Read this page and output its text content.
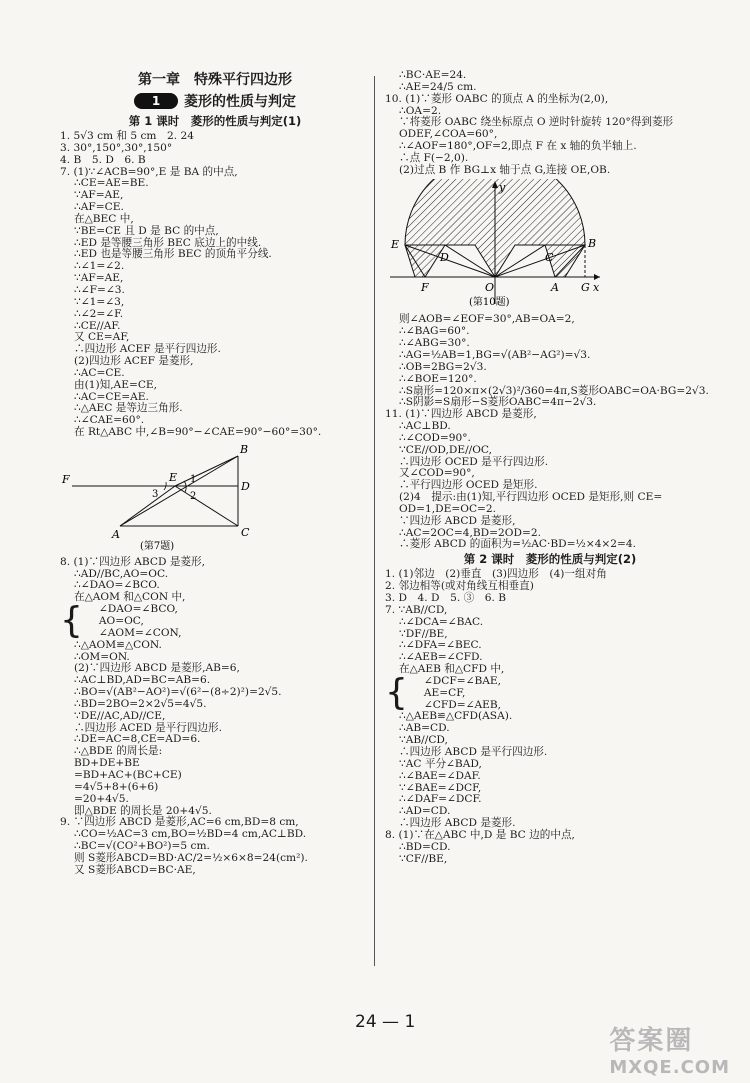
第一章　特殊平行四边形
1 菱形的性质与判定
第 1 课时　菱形的性质与判定(1)
1. 5√3 cm 和 5 cm　2. 24
3. 30°,150°,30°,150°
4. B　5. D　6. B
7. (1)∵∠ACB=90°,E 是 BA 的中点,
∴CE=AE=BE.
∵AF=AE,
∴AF=CE.
在△BEC 中,
∵BE=CE 且 D 是 BC 的中点,
∴ED 是等腰三角形 BEC 底边上的中线.
∴ED 也是等腰三角形 BEC 的顶角平分线.
∴∠1=∠2.
∵AF=AE,
∴∠F=∠3.
∵∠1=∠3,
∴∠2=∠F.
∴CE//AF.
又 CE=AF,
∴四边形 ACEF 是平行四边形.
(2)四边形 ACEF 是菱形,
∴AC=CE.
由(1)知,AE=CE,
∴AC=CE=AE.
∴△AEC 是等边三角形.
∴∠CAE=60°.
在 Rt△ABC 中,∠B=90°−∠CAE=90°−60°=30°.
B
D
C
E
F
A
1
2
3
(第7题)
8. (1)∵四边形 ABCD 是菱形,
∴AD//BC,AO=OC.
∴∠DAO=∠BCO.
在△AOM 和△CON 中,
{	∠DAO=∠BCO,
AO=OC,
∠AOM=∠CON,
∴△AOM≌△CON.
∴OM=ON.
(2)∵四边形 ABCD 是菱形,AB=6,
∴AC⊥BD,AD=BC=AB=6.
∴BO=√(AB²−AO²)=√(6²−(8÷2)²)=2√5.
∴BD=2BO=2×2√5=4√5.
∵DE//AC,AD//CE,
∴四边形 ACED 是平行四边形.
∴DE=AC=8,CE=AD=6.
∴△BDE 的周长是:
BD+DE+BE
=BD+AC+(BC+CE)
=4√5+8+(6+6)
=20+4√5.
即△BDE 的周长是 20+4√5.
9. ∵四边形 ABCD 是菱形,AC=6 cm,BD=8 cm,
∴CO=½AC=3 cm,BO=½BD=4 cm,AC⊥BD.
∴BC=√(CO²+BO²)=5 cm.
则 S菱形ABCD=BD·AC/2=½×6×8=24(cm²).
又 S菱形ABCD=BC·AE,
∴BC·AE=24.
∴AE=24/5 cm.
10. (1)∵菱形 OABC 的顶点 A 的坐标为(2,0),
∴OA=2.
∵将菱形 OABC 绕坐标原点 O 逆时针旋转 120°得到菱形
ODEF,∠COA=60°,
∴∠AOF=180°,OF=2,即点 F 在 x 轴的负半轴上.
∴点 F(−2,0).
(2)过点 B 作 BG⊥x 轴于点 G,连接 OE,OB.
E	B
D	C
F	O	A G x
y
(第10题)
则∠AOB=∠EOF=30°,AB=OA=2,
∴∠BAG=60°.
∴∠ABG=30°.
∴AG=½AB=1,BG=√(AB²−AG²)=√3.
∴OB=2BG=2√3.
∴∠BOE=120°.
∴S扇形=120×π×(2√3)²/360=4π,S菱形OABC=OA·BG=2√3.
∴S阴影=S扇形−S菱形OABC=4π−2√3.
11. (1)∵四边形 ABCD 是菱形,
∴AC⊥BD.
∴∠COD=90°.
∵CE//OD,DE//OC,
∴四边形 OCED 是平行四边形.
又∠COD=90°,
∴平行四边形 OCED 是矩形.
(2)4　提示:由(1)知,平行四边形 OCED 是矩形,则 CE=
OD=1,DE=OC=2.
∵四边形 ABCD 是菱形,
∴AC=2OC=4,BD=2OD=2.
∴菱形 ABCD 的面积为=½AC·BD=½×4×2=4.
第 2 课时　菱形的性质与判定(2)
1. (1)邻边　(2)垂直　(3)四边形　(4)一组对角
2. 邻边相等(或对角线互相垂直)
3. D　4. D　5. ③　6. B
7. ∵AB//CD,
∴∠DCA=∠BAC.
∵DF//BE,
∴∠DFA=∠BEC.
∴∠AEB=∠CFD.
在△AEB 和△CFD 中,
{	∠DCF=∠BAE,
AE=CF,
∠CFD=∠AEB,
∴△AEB≌△CFD(ASA).
∴AB=CD.
∵AB//CD,
∴四边形 ABCD 是平行四边形.
∵AC 平分∠BAD,
∴∠BAE=∠DAF.
∵∠BAE=∠DCF,
∴∠DAF=∠DCF.
∴AD=CD.
∴四边形 ABCD 是菱形.
8. (1)∵在△ABC 中,D 是 BC 边的中点,
∴BD=CD.
∵CF//BE,
24 — 1
答案圈
MXQE.COM
